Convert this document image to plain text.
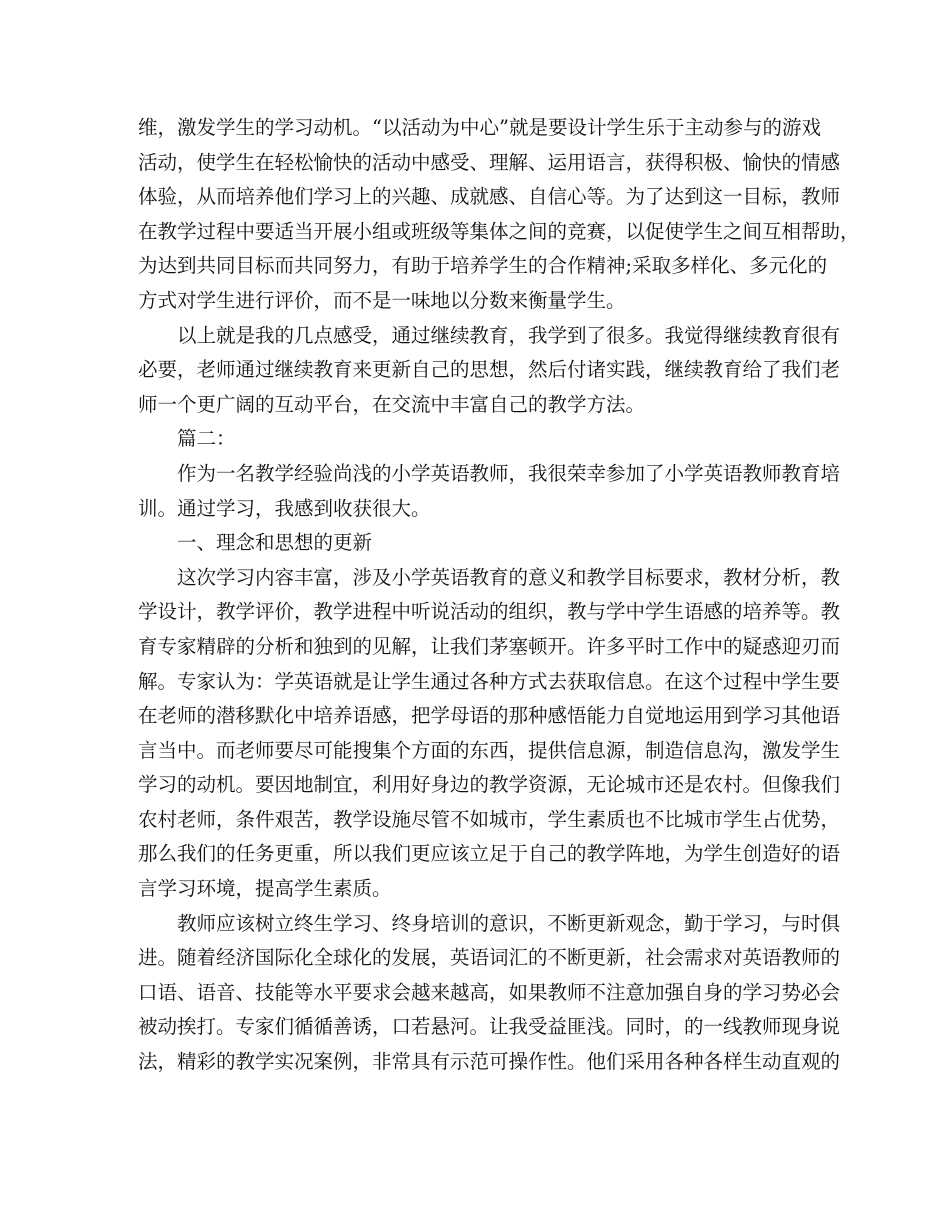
维，激发学生的学习动机。“以活动为中心”就是要设计学生乐于主动参与的游戏
活动，使学生在轻松愉快的活动中感受、理解、运用语言，获得积极、愉快的情感
体验，从而培养他们学习上的兴趣、成就感、自信心等。为了达到这一目标，教师
在教学过程中要适当开展小组或班级等集体之间的竞赛，以促使学生之间互相帮助，
为达到共同目标而共同努力，有助于培养学生的合作精神;采取多样化、多元化的
方式对学生进行评价，而不是一味地以分数来衡量学生。
以上就是我的几点感受，通过继续教育，我学到了很多。我觉得继续教育很有
必要，老师通过继续教育来更新自己的思想，然后付诸实践，继续教育给了我们老
师一个更广阔的互动平台，在交流中丰富自己的教学方法。
篇二：
作为一名教学经验尚浅的小学英语教师，我很荣幸参加了小学英语教师教育培
训。通过学习，我感到收获很大。
一、理念和思想的更新
这次学习内容丰富，涉及小学英语教育的意义和教学目标要求，教材分析，教
学设计，教学评价，教学进程中听说活动的组织，教与学中学生语感的培养等。教
育专家精辟的分析和独到的见解，让我们茅塞顿开。许多平时工作中的疑惑迎刃而
解。专家认为：学英语就是让学生通过各种方式去获取信息。在这个过程中学生要
在老师的潜移默化中培养语感，把学母语的那种感悟能力自觉地运用到学习其他语
言当中。而老师要尽可能搜集个方面的东西，提供信息源，制造信息沟，激发学生
学习的动机。要因地制宜，利用好身边的教学资源，无论城市还是农村。但像我们
农村老师，条件艰苦，教学设施尽管不如城市，学生素质也不比城市学生占优势，
那么我们的任务更重，所以我们更应该立足于自己的教学阵地，为学生创造好的语
言学习环境，提高学生素质。
教师应该树立终生学习、终身培训的意识，不断更新观念，勤于学习，与时俱
进。随着经济国际化全球化的发展，英语词汇的不断更新，社会需求对英语教师的
口语、语音、技能等水平要求会越来越高，如果教师不注意加强自身的学习势必会
被动挨打。专家们循循善诱，口若悬河。让我受益匪浅。同时，的一线教师现身说
法，精彩的教学实况案例，非常具有示范可操作性。他们采用各种各样生动直观的
